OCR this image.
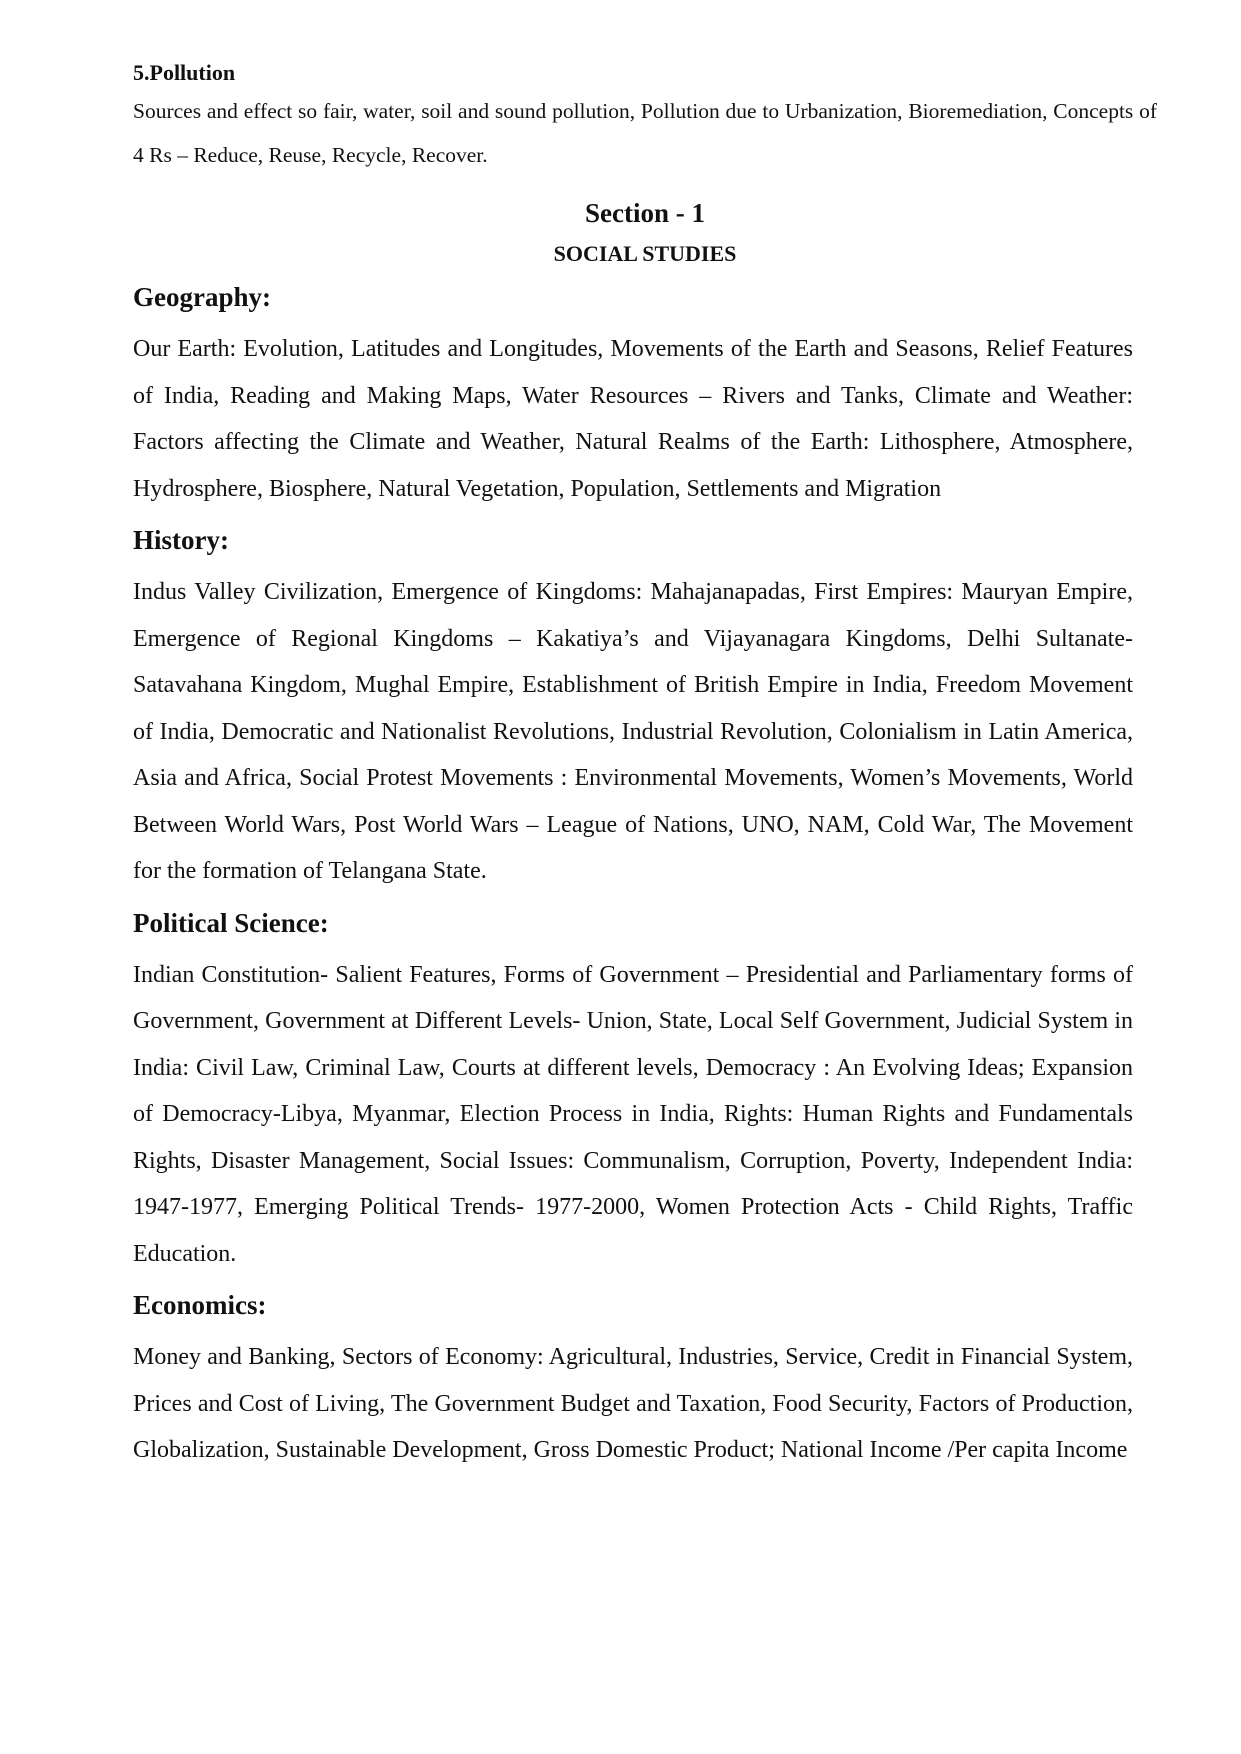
5.Pollution

Sources and effect so fair, water, soil and sound pollution, Pollution due to Urbanization, Bioremediation, Concepts of 4 Rs – Reduce, Reuse, Recycle, Recover.

Section - 1

SOCIAL STUDIES

Geography:

Our Earth: Evolution, Latitudes and Longitudes, Movements of the Earth and Seasons, Relief Features of India, Reading and Making Maps, Water Resources – Rivers and Tanks, Climate and Weather: Factors affecting the Climate and Weather, Natural Realms of the Earth: Lithosphere, Atmosphere, Hydrosphere, Biosphere, Natural Vegetation, Population, Settlements and Migration

History:

Indus Valley Civilization, Emergence of Kingdoms: Mahajanapadas, First Empires: Mauryan Empire, Emergence of Regional Kingdoms – Kakatiya’s and Vijayanagara Kingdoms, Delhi Sultanate- Satavahana Kingdom, Mughal Empire, Establishment of British Empire in India, Freedom Movement of India, Democratic and Nationalist Revolutions, Industrial Revolution, Colonialism in Latin America, Asia and Africa, Social Protest Movements : Environmental Movements, Women’s Movements, World Between World Wars, Post World Wars – League of Nations, UNO, NAM, Cold War, The Movement for the formation of Telangana State.

Political Science:

Indian Constitution- Salient Features, Forms of Government – Presidential and Parliamentary forms of Government, Government at Different Levels- Union, State, Local Self Government, Judicial System in India: Civil Law, Criminal Law, Courts at different levels, Democracy : An Evolving Ideas; Expansion of Democracy-Libya, Myanmar, Election Process in India, Rights: Human Rights and Fundamentals Rights, Disaster Management, Social Issues: Communalism, Corruption, Poverty, Independent India: 1947-1977, Emerging Political Trends- 1977-2000, Women Protection Acts - Child Rights, Traffic Education.

Economics:

Money and Banking, Sectors of Economy: Agricultural, Industries, Service, Credit in Financial System, Prices and Cost of Living, The Government Budget and Taxation, Food Security, Factors of Production, Globalization, Sustainable Development, Gross Domestic Product; National Income /Per capita Income
